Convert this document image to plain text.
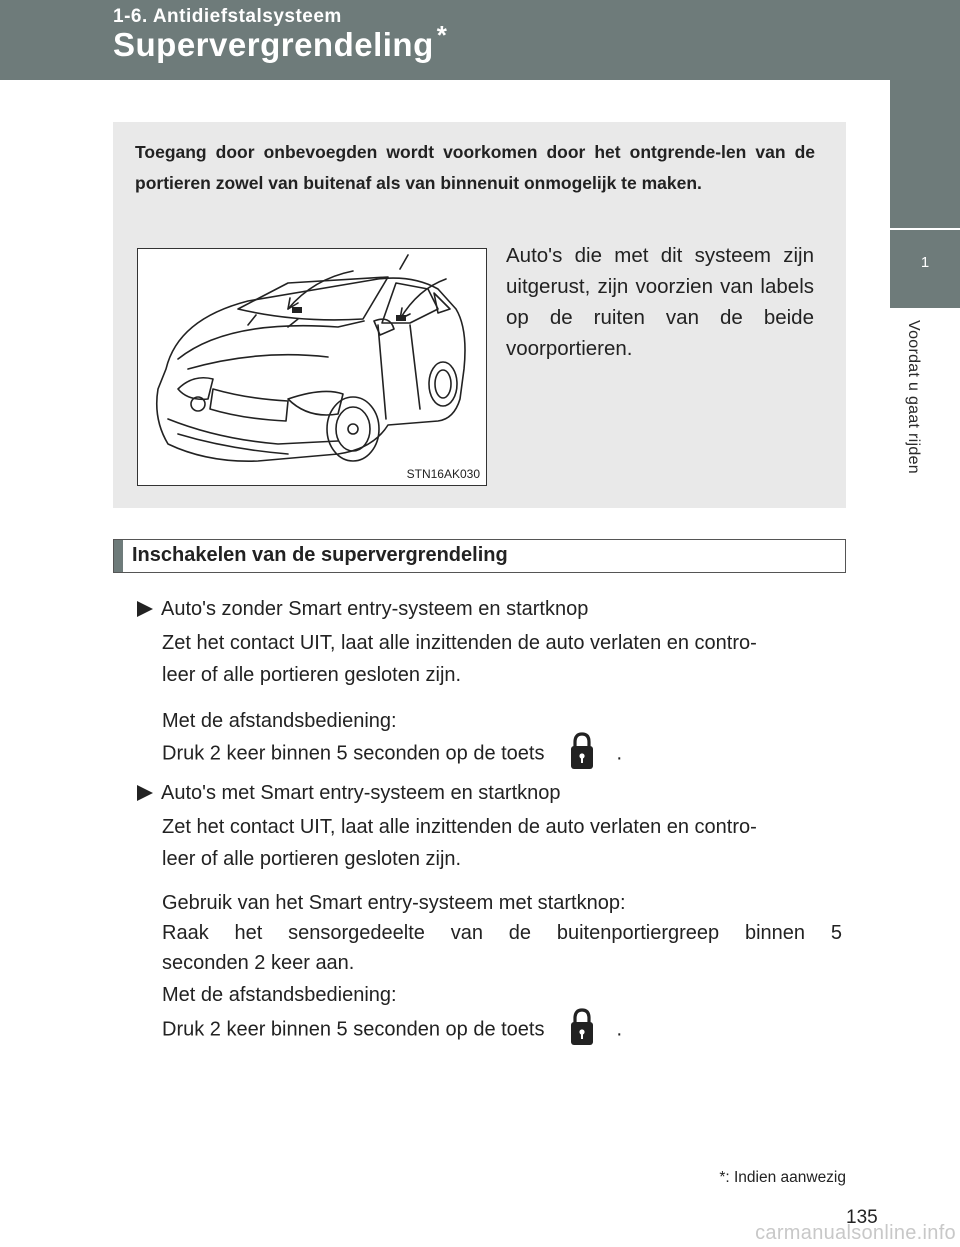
1-6. Antidiefstalsysteem
Supervergrendeling *
1
Voordat u gaat rijden
Toegang door onbevoegden wordt voorkomen door het ontgrende-len van de portieren zowel van buitenaf als van binnenuit onmogelijk te maken.
STN16AK030
Auto's die met dit systeem zijn uitgerust, zijn voorzien van labels op de ruiten van de beide voorportieren.
Inschakelen van de supervergrendeling
Auto's zonder Smart entry-systeem en startknop
Zet het contact UIT, laat alle inzittenden de auto verlaten en contro-
leer of alle portieren gesloten zijn.
Met de afstandsbediening:
Druk 2 keer binnen 5 seconden op de toets	.
Auto's met Smart entry-systeem en startknop
Zet het contact UIT, laat alle inzittenden de auto verlaten en contro-
leer of alle portieren gesloten zijn.
Gebruik van het Smart entry-systeem met startknop:
Raak het sensorgedeelte van de buitenportiergreep binnen 5
seconden 2 keer aan.
Met de afstandsbediening:
Druk 2 keer binnen 5 seconden op de toets	.
*: Indien aanwezig
135
carmanualsonline.info
